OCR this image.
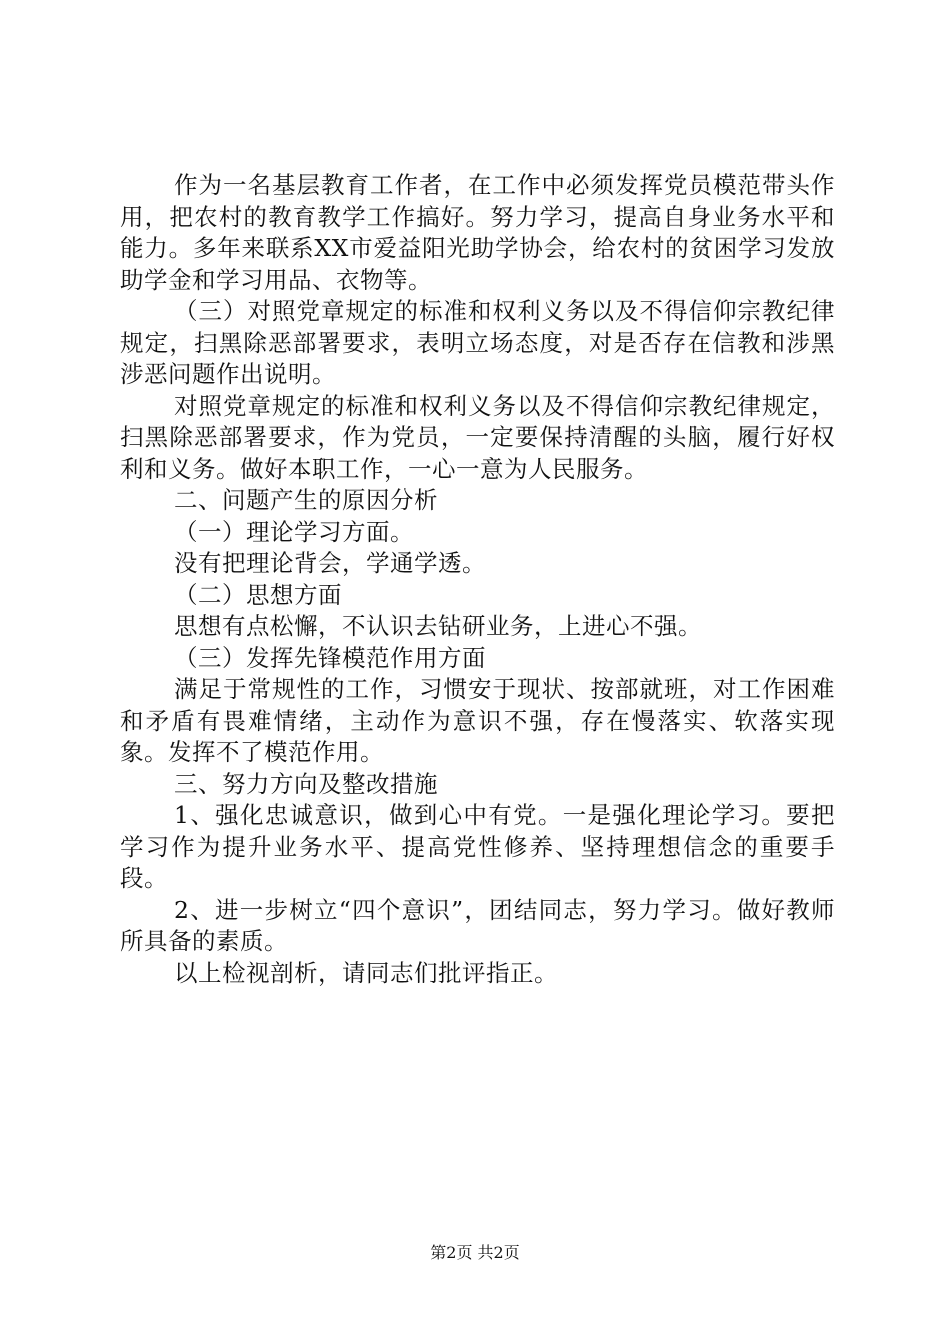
作为一名基层教育工作者，在工作中必须发挥党员模范带头作用，把农村的教育教学工作搞好。努力学习，提高自身业务水平和能力。多年来联系XX市爱益阳光助学协会，给农村的贫困学习发放助学金和学习用品、衣物等。

（三）对照党章规定的标准和权利义务以及不得信仰宗教纪律规定，扫黑除恶部署要求，表明立场态度，对是否存在信教和涉黑涉恶问题作出说明。

对照党章规定的标准和权利义务以及不得信仰宗教纪律规定，扫黑除恶部署要求，作为党员，一定要保持清醒的头脑，履行好权利和义务。做好本职工作，一心一意为人民服务。

二、问题产生的原因分析

（一）理论学习方面。

没有把理论背会，学通学透。

（二）思想方面

思想有点松懈，不认识去钻研业务，上进心不强。

（三）发挥先锋模范作用方面

满足于常规性的工作，习惯安于现状、按部就班，对工作困难和矛盾有畏难情绪，主动作为意识不强，存在慢落实、软落实现象。发挥不了模范作用。

三、努力方向及整改措施

1、强化忠诚意识，做到心中有党。一是强化理论学习。要把学习作为提升业务水平、提高党性修养、坚持理想信念的重要手段。

2、进一步树立“四个意识”，团结同志，努力学习。做好教师所具备的素质。

以上检视剖析，请同志们批评指正。

第2页 共2页
